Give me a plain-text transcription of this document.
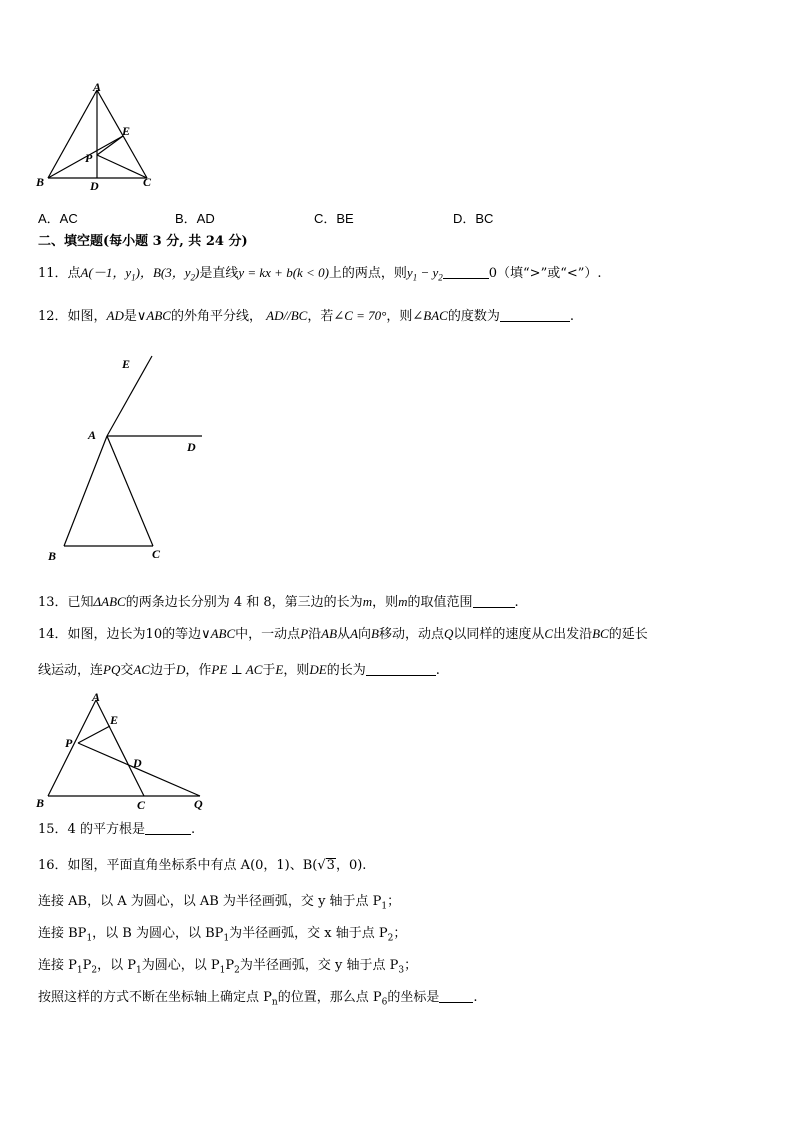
A
E
P
B	D	C
A．AC	B．AD	C．BE	D．BC
二、填空题(每小题 3 分, 共 24 分)
11．点A(－1，$y_1$)，B(3，$y_2$)是直线y = kx + b(k < 0)上的两点，则$y_1 - y_2$	0（填“>”或“<”）.
12．如图，AD是∨ABC的外角平分线， AD//BC，若∠C = 70°，则∠BAC的度数为	.
E
A
D
B	C
13．已知ΔABC的两条边长分别为 4 和 8，第三边的长为m，则m的取值范围	.
14．如图，边长为10的等边∨ABC中，一动点P沿AB从A向B移动，动点Q以同样的速度从C出发沿BC的延长
线运动，连PQ交AC边于D，作PE ⊥ AC于E，则DE的长为	.
A
E
P
D
B	C	Q
15．4 的平方根是	.
16．如图，平面直角坐标系中有点 A(0，1)、B(√3，0).
连接 AB，以 A 为圆心，以 AB 为半径画弧，交 y 轴于点 $P_1$；
连接 $BP_1$，以 B 为圆心，以 $BP_1$为半径画弧，交 x 轴于点 $P_2$；
连接 $P_1P_2$，以 $P_1$为圆心，以 $P_1P_2$为半径画弧，交 y 轴于点 $P_3$；
按照这样的方式不断在坐标轴上确定点 $P_n$的位置，那么点 $P_6$的坐标是	.
